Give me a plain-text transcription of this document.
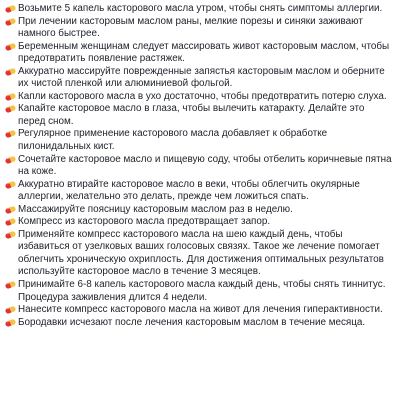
Возьмите 5 капель касторового масла утром, чтобы снять симптомы аллергии.

При лечении касторовым маслом раны, мелкие порезы и синяки заживают намного быстрее.

Беременным женщинам следует массировать живот касторовым маслом, чтобы предотвратить появление растяжек.

Аккуратно массируйте поврежденные запястья касторовым маслом и оберните их чистой пленкой или алюминиевой фольгой.

Капли касторового масла в ухо достаточно, чтобы предотвратить потерю слуха.

Капайте касторовое масло в глаза, чтобы вылечить катаракту. Делайте это перед сном.

Регулярное применение касторового масла добавляет к обработке пилонидальных кист.

Сочетайте касторовое масло и пищевую соду, чтобы отбелить коричневые пятна на коже.

Аккуратно втирайте касторовое масло в веки, чтобы облегчить окулярные аллергии, желательно это делать, прежде чем ложиться спать.

Массажируйте поясницу касторовым маслом раз в неделю.

Компресс из касторового масла предотвращает запор.

Применяйте компресс касторового масла на шею каждый день, чтобы избавиться от узелковых ваших голосовых связях. Такое же лечение помогает облегчить хроническую охриплость. Для достижения оптимальных результатов используйте касторовое масло в течение 3 месяцев.

Принимайте 6-8 капель касторового масла каждый день, чтобы снять тиннитус. Процедура заживления длится 4 недели.

Нанесите компресс касторового масла на живот для лечения гиперактивности.

Бородавки исчезают после лечения касторовым маслом в течение месяца.
